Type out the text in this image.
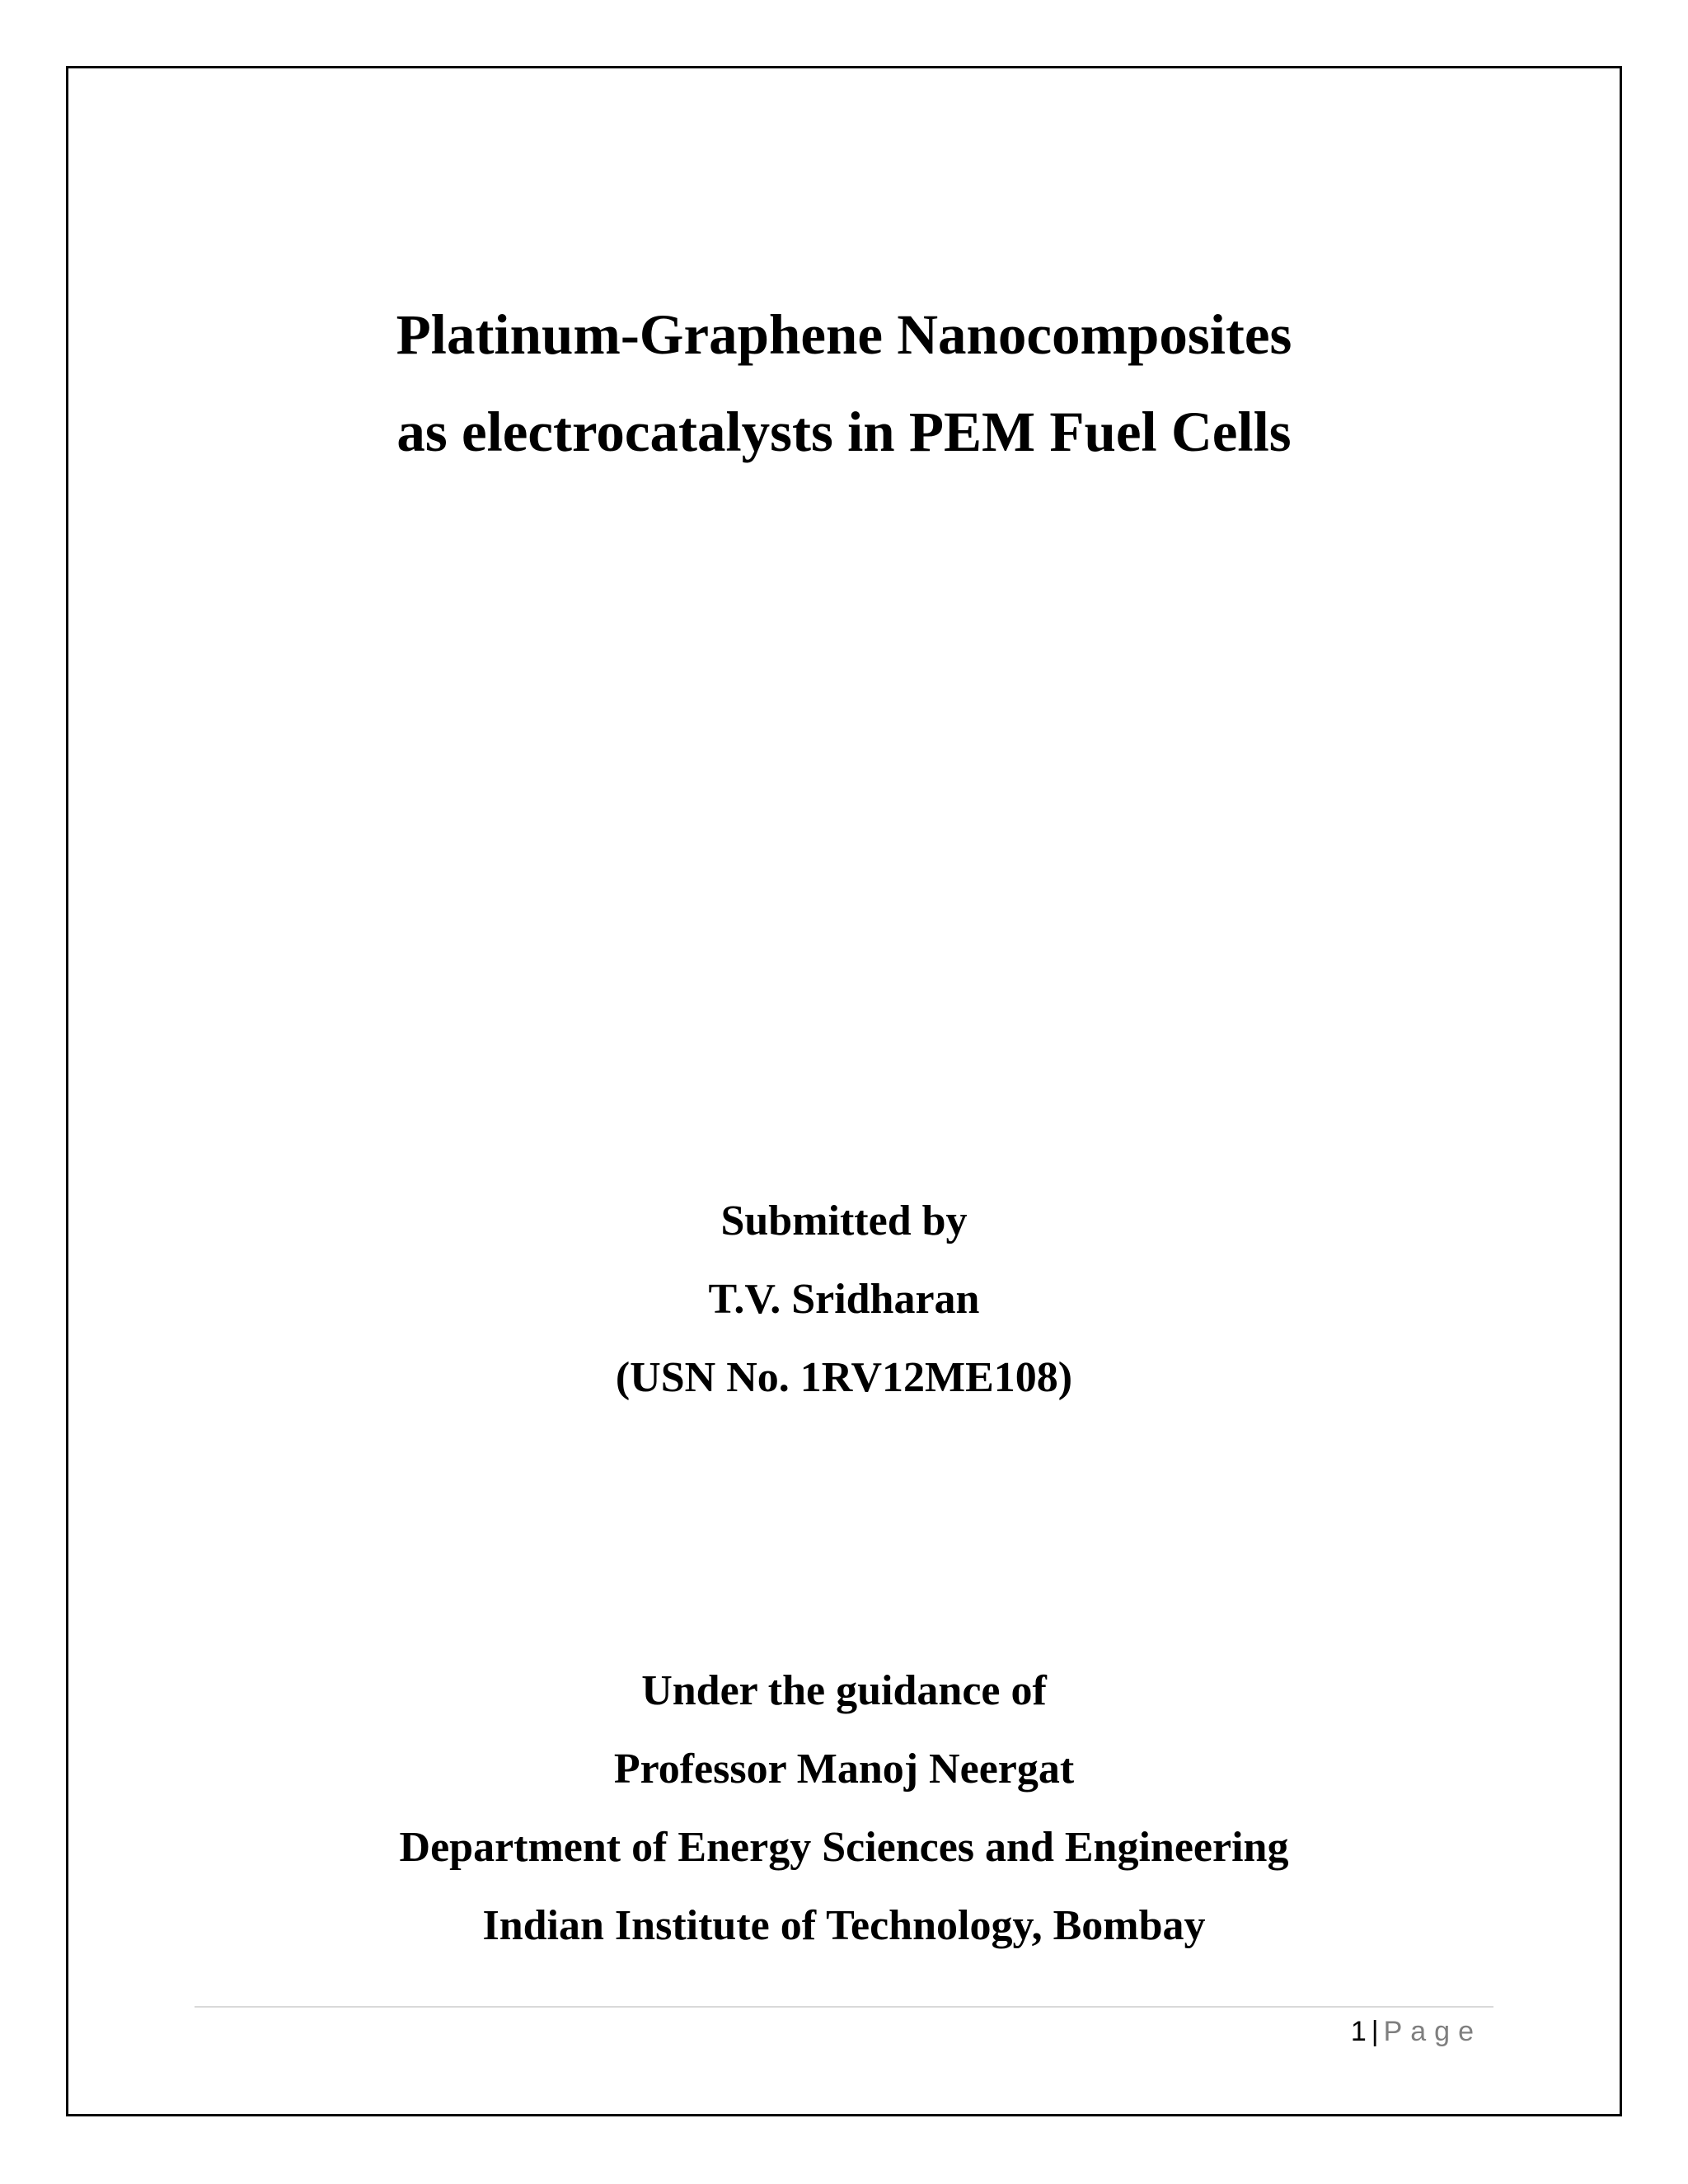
Platinum-Graphene Nanocomposites
as electrocatalysts in PEM Fuel Cells
Submitted by
T.V. Sridharan
(USN No. 1RV12ME108)
Under the guidance of
Professor Manoj Neergat
Department of Energy Sciences and Engineering
Indian Institute of Technology, Bombay
1 | Page
